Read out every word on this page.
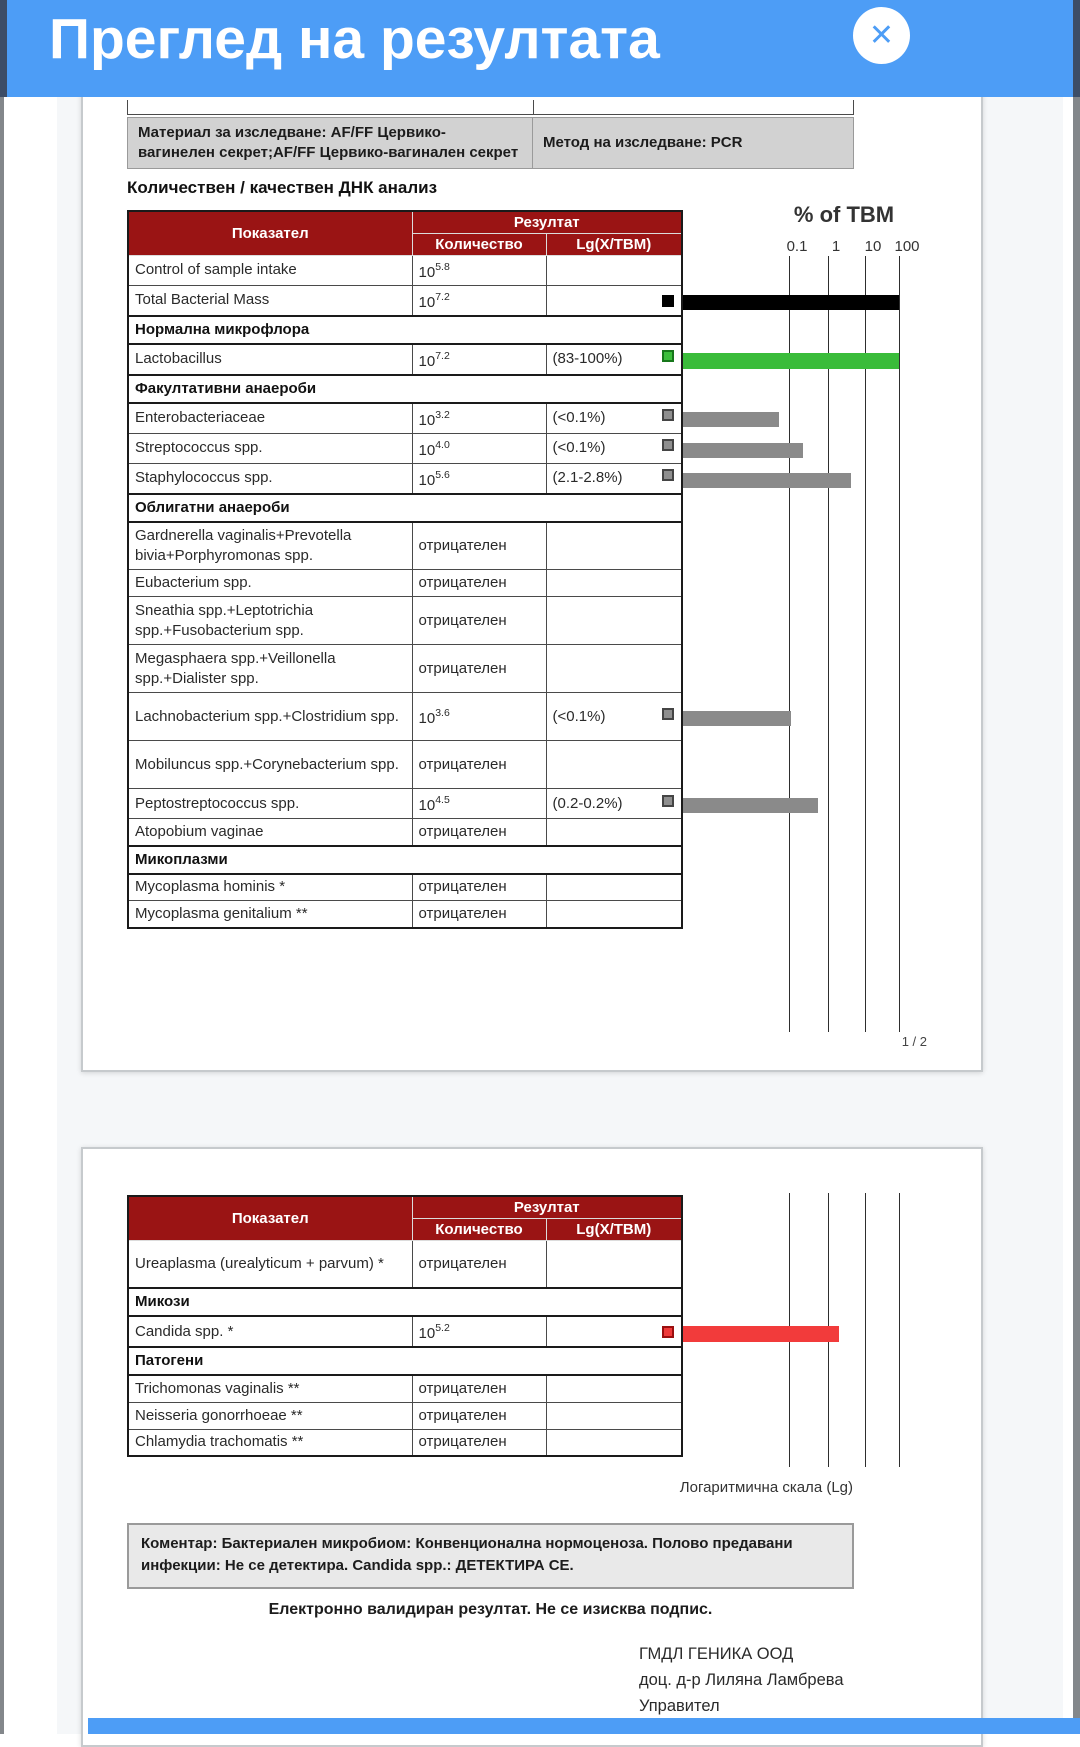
Материал за изследване: AF/FF Цервико-вагинелен секрет;AF/FF Цервико-вагинален секрет
Метод на изследване: PCR
Количествен / качествен ДНК анализ
Показател	Резултат	
	Количество	Lg(X/TBM)
Control of sample intake	$10^{5.8}$	
Total Bacterial Mass	$10^{7.2}$	

Нормална микрофлора		
Lactobacillus	$10^{7.2}$	(83-100%)
Факултативни анаероби		
Enterobacteriaceae	$10^{3.2}$	(<0.1%)
Streptococcus spp.	$10^{4.0}$	(<0.1%)
Staphylococcus spp.	$10^{5.6}$	(2.1-2.8%)
Облигатни анаероби		
Gardnerella vaginalis+Prevotella bivia+Porphyromonas spp.	отрицателен	
Eubacterium spp.	отрицателен	
Sneathia spp.+Leptotrichia spp.+Fusobacterium spp.	отрицателен	
Megasphaera spp.+Veillonella spp.+Dialister spp.	отрицателен	
Lachnobacterium spp.+Clostridium spp.	$10^{3.6}$	(<0.1%)
Mobiluncus spp.+Corynebacterium spp.	отрицателен	
Peptostreptococcus spp.	$10^{4.5}$	(0.2-0.2%)
Atopobium vaginae	отрицателен	
Микоплазми		
Mycoplasma hominis *	отрицателен	
Mycoplasma genitalium **	отрицателен	
% of TBM
1 / 2
0.1	1	10 100
Показател	Резултат	
	Количество	Lg(X/TBM)
Ureaplasma (urealyticum + parvum) *	отрицателен	
Микози		
Candida spp. *	$10^{5.2}$	

Патогени		
Trichomonas vaginalis **	отрицателен	
Neisseria gonorrhoeae **	отрицателен	
Chlamydia trachomatis **	отрицателен	
Логаритмична скала (Lg)
Коментар: Бактериален микробиом: Конвенционална нормоценоза. Полово предавани инфекции: Не се детектира. Candida spp.: ДЕТЕКТИРА СЕ.
Електронно валидиран резултат. Не се изисква подпис.
ГМДЛ ГЕНИКА ООД
доц. д-р Лиляна Ламбрева
Управител
Преглед на резултата	✕
